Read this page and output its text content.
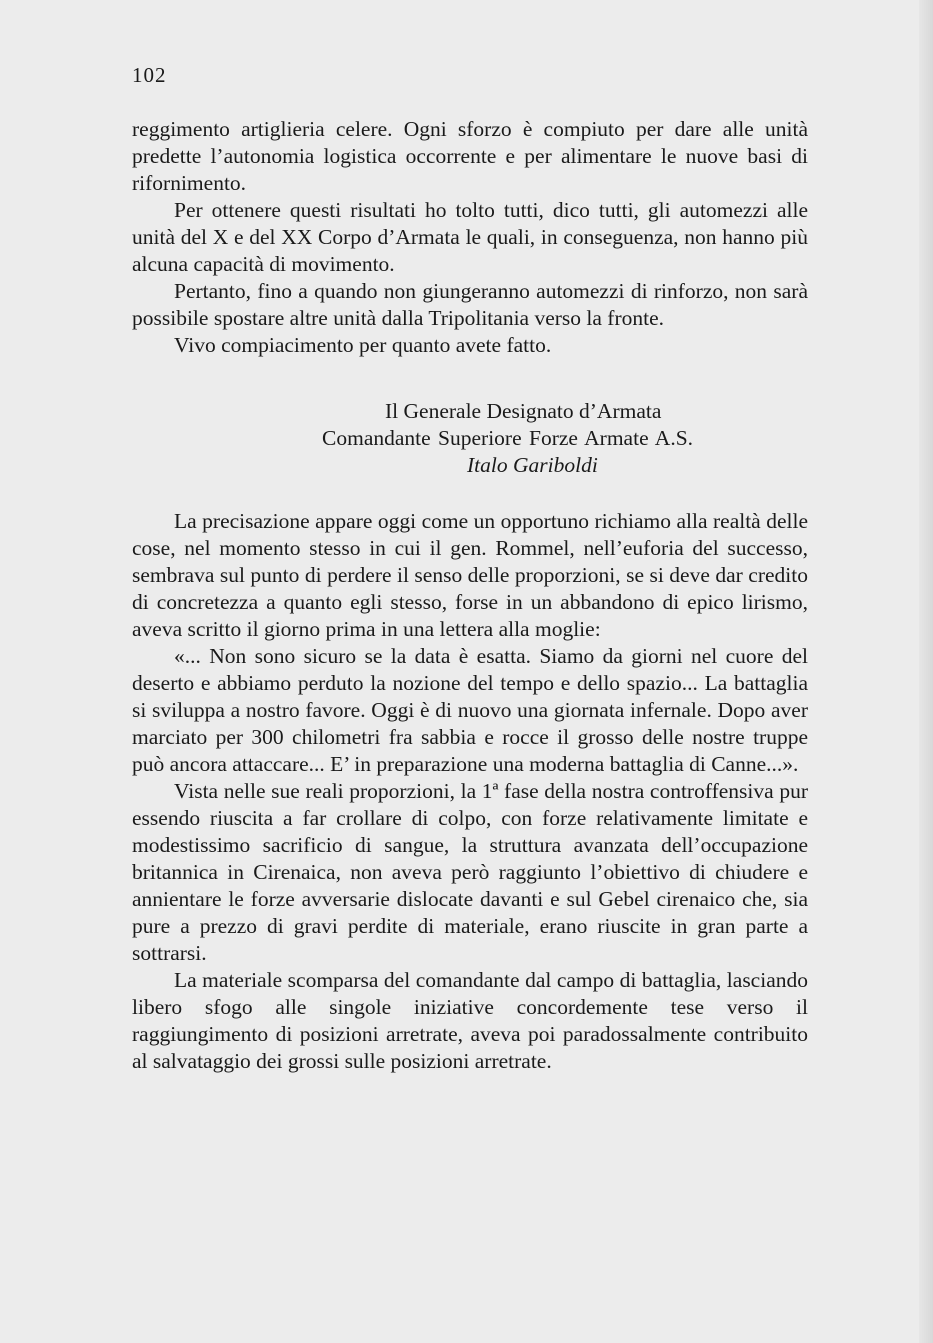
102

reggimento artiglieria celere. Ogni sforzo è compiuto per dare alle unità predette l’autonomia logistica occorrente e per alimentare le nuove basi di rifornimento.

Per ottenere questi risultati ho tolto tutti, dico tutti, gli automezzi alle unità del X e del XX Corpo d’Armata le quali, in conseguenza, non hanno più alcuna capacità di movimento.

Pertanto, fino a quando non giungeranno automezzi di rinforzo, non sarà possibile spostare altre unità dalla Tripolitania verso la fronte.

Vivo compiacimento per quanto avete fatto.

Il Generale Designato d’Armata
Comandante Superiore Forze Armate A.S.
Italo Gariboldi

La precisazione appare oggi come un opportuno richiamo alla realtà delle cose, nel momento stesso in cui il gen. Rommel, nell’euforia del successo, sembrava sul punto di perdere il senso delle proporzioni, se si deve dar credito di concretezza a quanto egli stesso, forse in un abbandono di epico lirismo, aveva scritto il giorno prima in una lettera alla moglie:

«... Non sono sicuro se la data è esatta. Siamo da giorni nel cuore del deserto e abbiamo perduto la nozione del tempo e dello spazio... La battaglia si sviluppa a nostro favore. Oggi è di nuovo una giornata infernale. Dopo aver marciato per 300 chilometri fra sabbia e rocce il grosso delle nostre truppe può ancora attaccare... E’ in preparazione una moderna battaglia di Canne...».

Vista nelle sue reali proporzioni, la 1ª fase della nostra controffensiva pur essendo riuscita a far crollare di colpo, con forze relativamente limitate e modestissimo sacrificio di sangue, la struttura avanzata dell’occupazione britannica in Cirenaica, non aveva però raggiunto l’obiettivo di chiudere e annientare le forze avversarie dislocate davanti e sul Gebel cirenaico che, sia pure a prezzo di gravi perdite di materiale, erano riuscite in gran parte a sottrarsi.

La materiale scomparsa del comandante dal campo di battaglia, lasciando libero sfogo alle singole iniziative concordemente tese verso il raggiungimento di posizioni arretrate, aveva poi paradossalmente contribuito al salvataggio dei grossi sulle posizioni arretrate.
